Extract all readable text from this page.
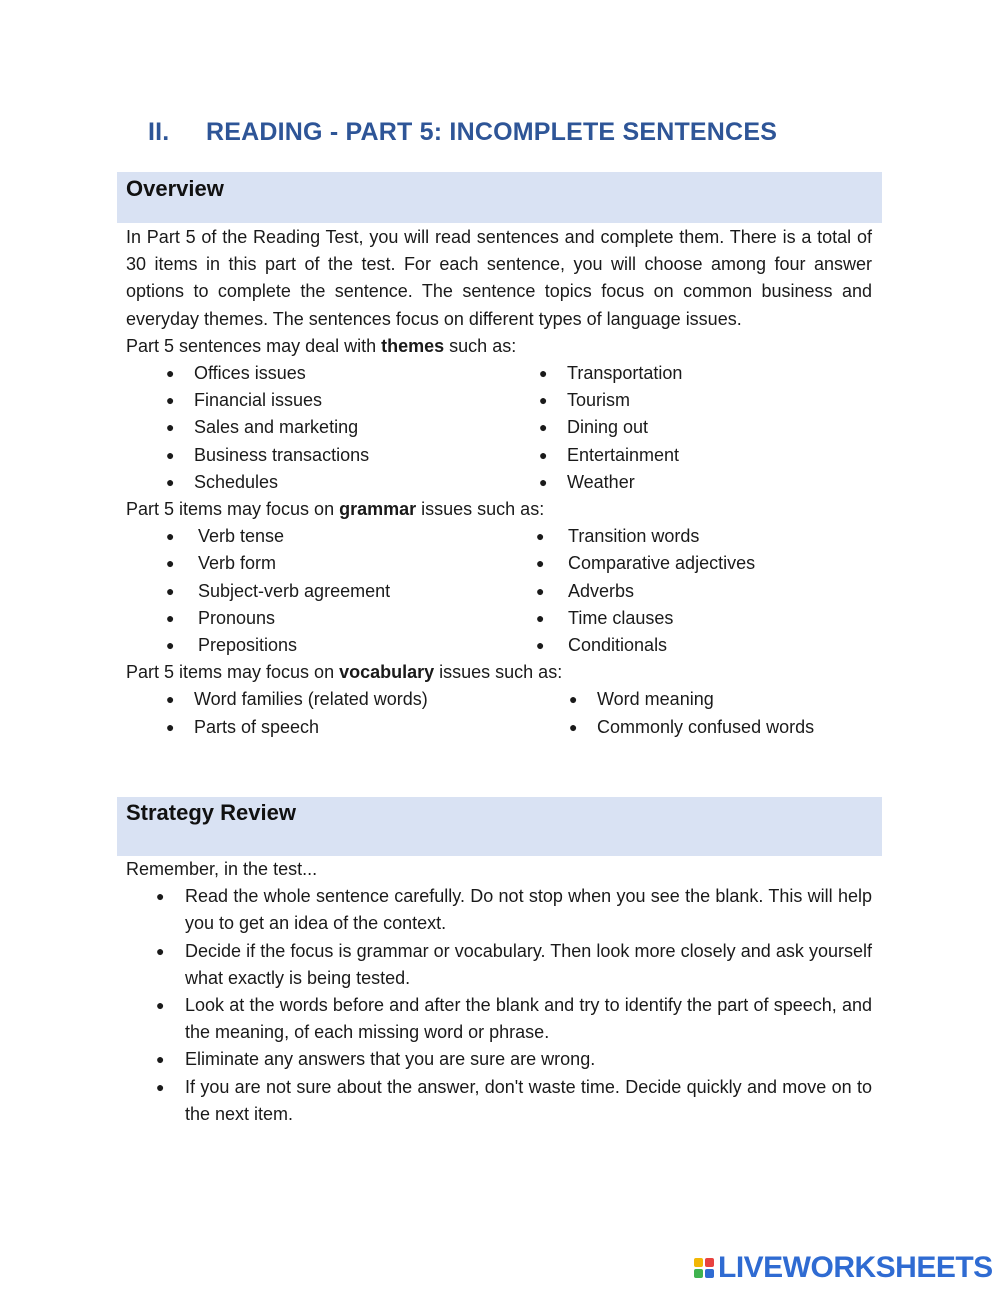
II. READING - PART 5: INCOMPLETE SENTENCES
Overview

In Part 5 of the Reading Test, you will read sentences and complete them. There is a total of 30 items in this part of the test. For each sentence, you will choose among four answer options to complete the sentence. The sentence topics focus on common business and everyday themes. The sentences focus on different types of language issues.

Part 5 sentences may deal with themes such as:

● Offices issues
● Financial issues
● Sales and marketing
● Business transactions
● Schedules
● Transportation
● Tourism
● Dining out
● Entertainment
● Weather

Part 5 items may focus on grammar issues such as:

● Verb tense
● Verb form
● Subject-verb agreement
● Pronouns
● Prepositions
● Transition words
● Comparative adjectives
● Adverbs
● Time clauses
● Conditionals

Part 5 items may focus on vocabulary issues such as:

● Word families (related words)
● Parts of speech
● Word meaning
● Commonly confused words
Strategy Review

Remember, in the test...

● Read the whole sentence carefully. Do not stop when you see the blank. This will help you to get an idea of the context.
● Decide if the focus is grammar or vocabulary. Then look more closely and ask yourself what exactly is being tested.
● Look at the words before and after the blank and try to identify the part of speech, and the meaning, of each missing word or phrase.
● Eliminate any answers that you are sure are wrong.
● If you are not sure about the answer, don't waste time. Decide quickly and move on to the next item.
LIVEWORKSHEETS
